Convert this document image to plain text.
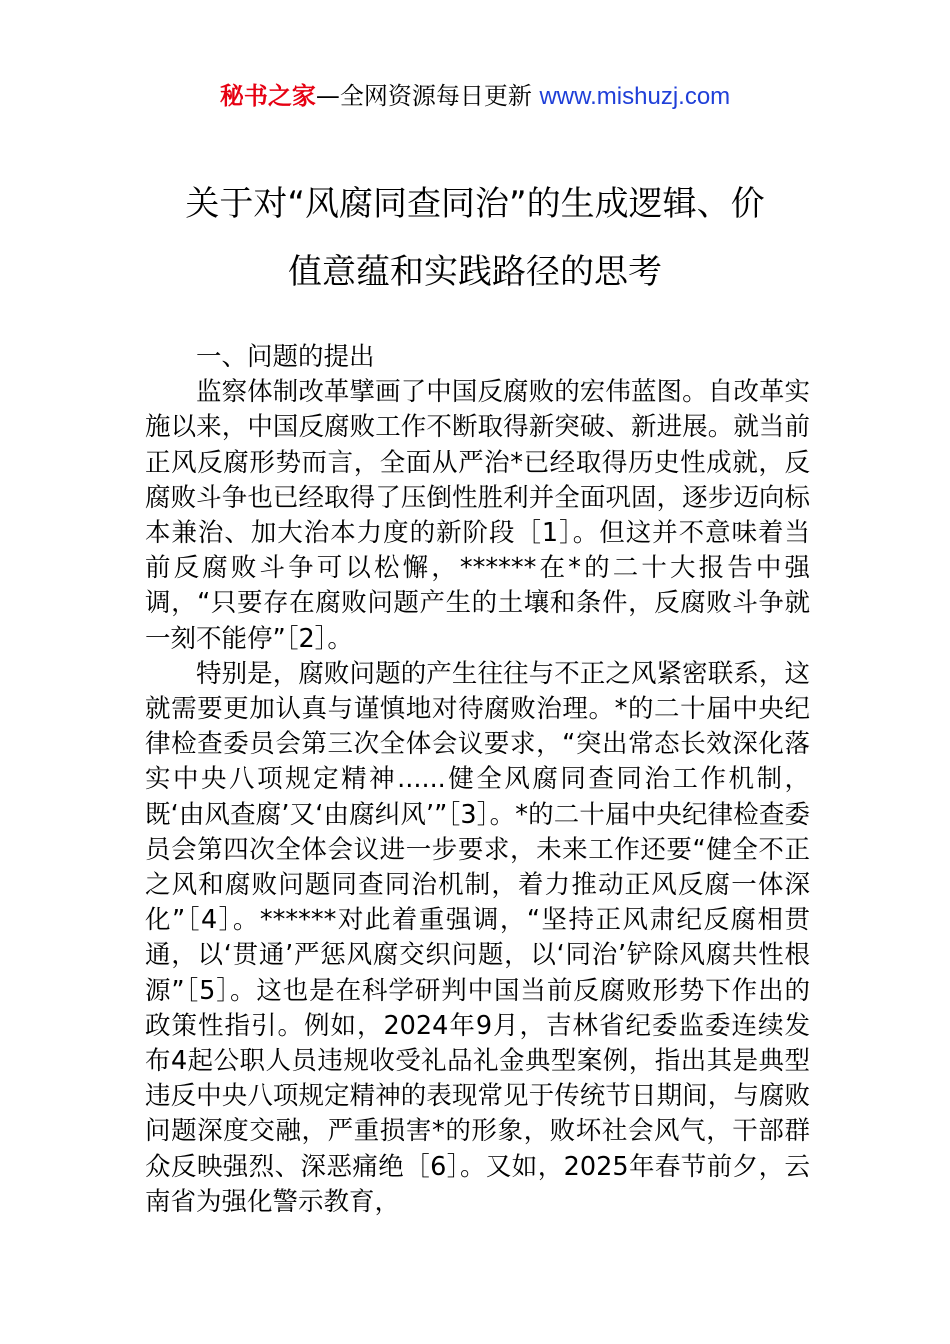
秘书之家—全网资源每日更新 www.mishuzj.com
关于对“风腐同查同治”的生成逻辑、价
值意蕴和实践路径的思考

一、问题的提出

监察体制改革擘画了中国反腐败的宏伟蓝图。自改革实施以来，中国反腐败工作不断取得新突破、新进展。就当前正风反腐形势而言，全面从严治*已经取得历史性成就，反腐败斗争也已经取得了压倒性胜利并全面巩固，逐步迈向标本兼治、加大治本力度的新阶段［1］。但这并不意味着当前反腐败斗争可以松懈，******在*的二十大报告中强调，“只要存在腐败问题产生的土壤和条件，反腐败斗争就一刻不能停”［2］。

特别是，腐败问题的产生往往与不正之风紧密联系，这就需要更加认真与谨慎地对待腐败治理。*的二十届中央纪律检查委员会第三次全体会议要求，“突出常态长效深化落实中央八项规定精神......健全风腐同查同治工作机制，既‘由风查腐’又‘由腐纠风’”［3］。*的二十届中央纪律检查委员会第四次全体会议进一步要求，未来工作还要“健全不正之风和腐败问题同查同治机制，着力推动正风反腐一体深化”［4］。******对此着重强调，“坚持正风肃纪反腐相贯通，以‘贯通’严惩风腐交织问题，以‘同治’铲除风腐共性根源”［5］。这也是在科学研判中国当前反腐败形势下作出的政策性指引。例如，2024年9月，吉林省纪委监委连续发布4起公职人员违规收受礼品礼金典型案例，指出其是典型违反中央八项规定精神的表现常见于传统节日期间，与腐败问题深度交融，严重损害*的形象，败坏社会风气，干部群众反映强烈、深恶痛绝［6］。又如，2025年春节前夕，云南省为强化警示教育，
